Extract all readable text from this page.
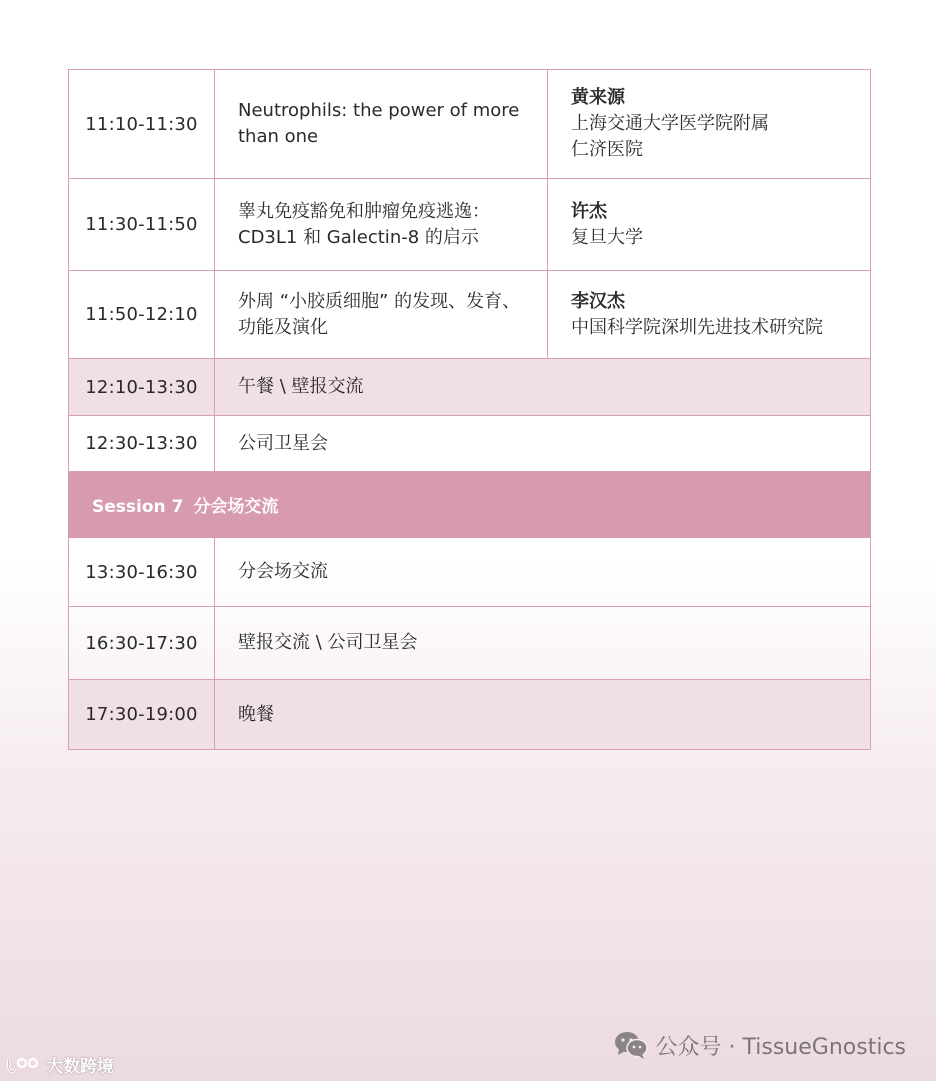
11:10-11:30	Neutrophils: the power of more
than one	黄来源
上海交通大学医学院附属
仁济医院

11:30-11:50	睾丸免疫豁免和肿瘤免疫逃逸：
CD3L1 和 Galectin-8 的启示	许杰
复旦大学

11:50-12:10	外周 “小胶质细胞” 的发现、发育、
功能及演化	李汉杰
中国科学院深圳先进技术研究院

12:10-13:30	午餐 \ 壁报交流	
12:30-13:30	公司卫星会	
Session 7 分会场交流		
13:30-16:30	分会场交流	
16:30-17:30	壁报交流 \ 公司卫星会	
17:30-19:00	晚餐	
公众号 · TissueGnostics
大数跨境
